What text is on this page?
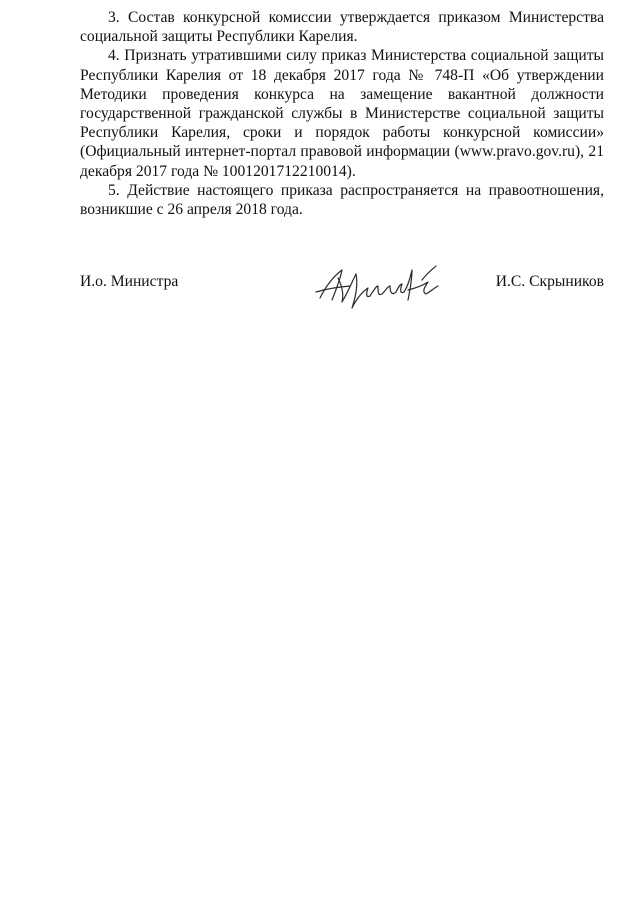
3. Состав конкурсной комиссии утверждается приказом Министерства социальной защиты Республики Карелия.

4. Признать утратившими силу приказ Министерства социальной защиты Республики Карелия от 18 декабря 2017 года № 748-П «Об утверждении Методики проведения конкурса на замещение вакантной должности государственной гражданской службы в Министерстве социальной защиты Республики Карелия, сроки и порядок работы конкурсной комиссии» (Официальный интернет-портал правовой информации (www.pravo.gov.ru), 21 декабря 2017 года № 1001201712210014).

5. Действие настоящего приказа распространяется на правоотношения, возникшие с 26 апреля 2018 года.

И.о. Министра	И.С. Скрыников
